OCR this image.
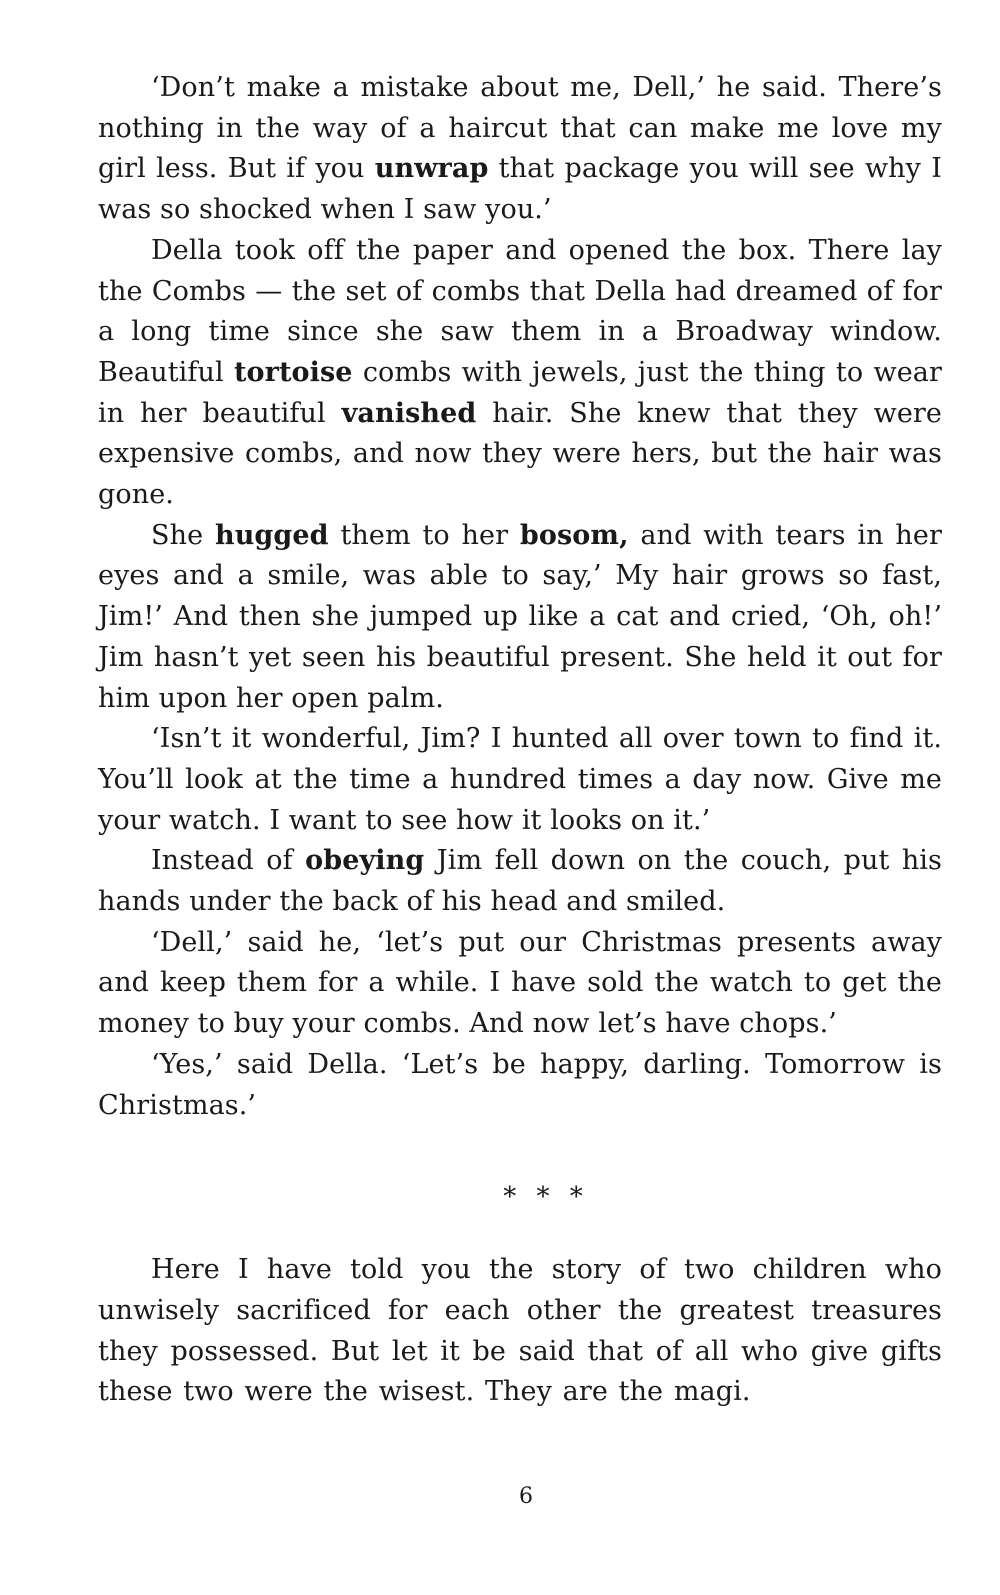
‘Don’t make a mistake about me, Dell,’ he said. There’s nothing in the way of a haircut that can make me love my girl less. But if you unwrap that package you will see why I was so shocked when I saw you.’

Della took off the paper and opened the box. There lay the Combs — the set of combs that Della had dreamed of for a long time since she saw them in a Broadway window. Beautiful tortoise combs with jewels, just the thing to wear in her beautiful vanished hair. She knew that they were expensive combs, and now they were hers, but the hair was gone.

She hugged them to her bosom, and with tears in her eyes and a smile, was able to say,’ My hair grows so fast, Jim!’ And then she jumped up like a cat and cried, ‘Oh, oh!’ Jim hasn’t yet seen his beautiful present. She held it out for him upon her open palm.

‘Isn’t it wonderful, Jim? I hunted all over town to find it. You’ll look at the time a hundred times a day now. Give me your watch. I want to see how it looks on it.’

Instead of obeying Jim fell down on the couch, put his hands under the back of his head and smiled.

‘Dell,’ said he, ‘let’s put our Christmas presents away and keep them for a while. I have sold the watch to get the money to buy your combs. And now let’s have chops.’

‘Yes,’ said Della. ‘Let’s be happy, darling. Tomorrow is Christmas.’

* * *

Here I have told you the story of two children who unwisely sacrificed for each other the greatest treasures they possessed. But let it be said that of all who give gifts these two were the wisest. They are the magi.

6
